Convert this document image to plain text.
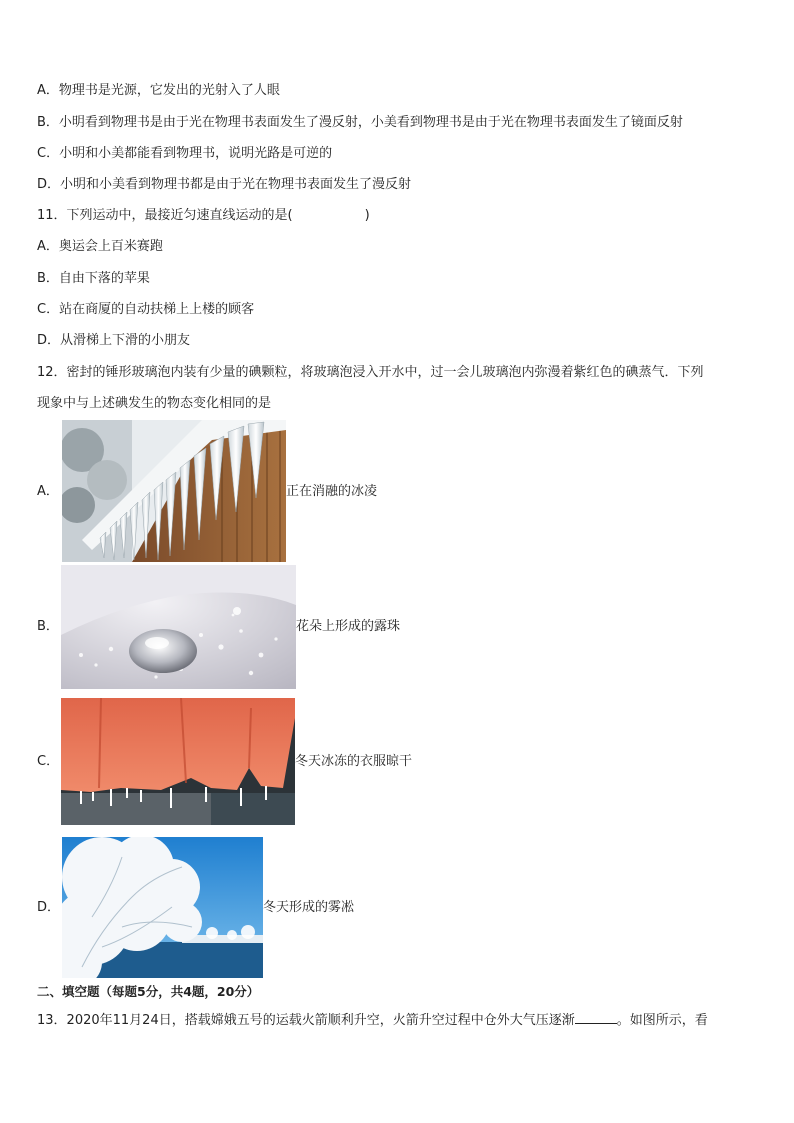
A．物理书是光源，它发出的光射入了人眼
B．小明看到物理书是由于光在物理书表面发生了漫反射，小美看到物理书是由于光在物理书表面发生了镜面反射
C．小明和小美都能看到物理书，说明光路是可逆的
D．小明和小美看到物理书都是由于光在物理书表面发生了漫反射
11．下列运动中，最接近匀速直线运动的是(	)
A．奥运会上百米赛跑
B．自由下落的苹果
C．站在商厦的自动扶梯上上楼的顾客
D．从滑梯上下滑的小朋友
12．密封的锤形玻璃泡内装有少量的碘颗粒，将玻璃泡浸入开水中，过一会儿玻璃泡内弥漫着紫红色的碘蒸气．下列
现象中与上述碘发生的物态变化相同的是
A．	正在消融的冰凌
B．	花朵上形成的露珠
C．	冬天冰冻的衣服晾干
D．	冬天形成的雾凇
二、填空题（每题5分，共4题，20分）
13．2020年11月24日，搭载嫦娥五号的运载火箭顺利升空，火箭升空过程中仓外大气压逐渐	。如图所示，看
